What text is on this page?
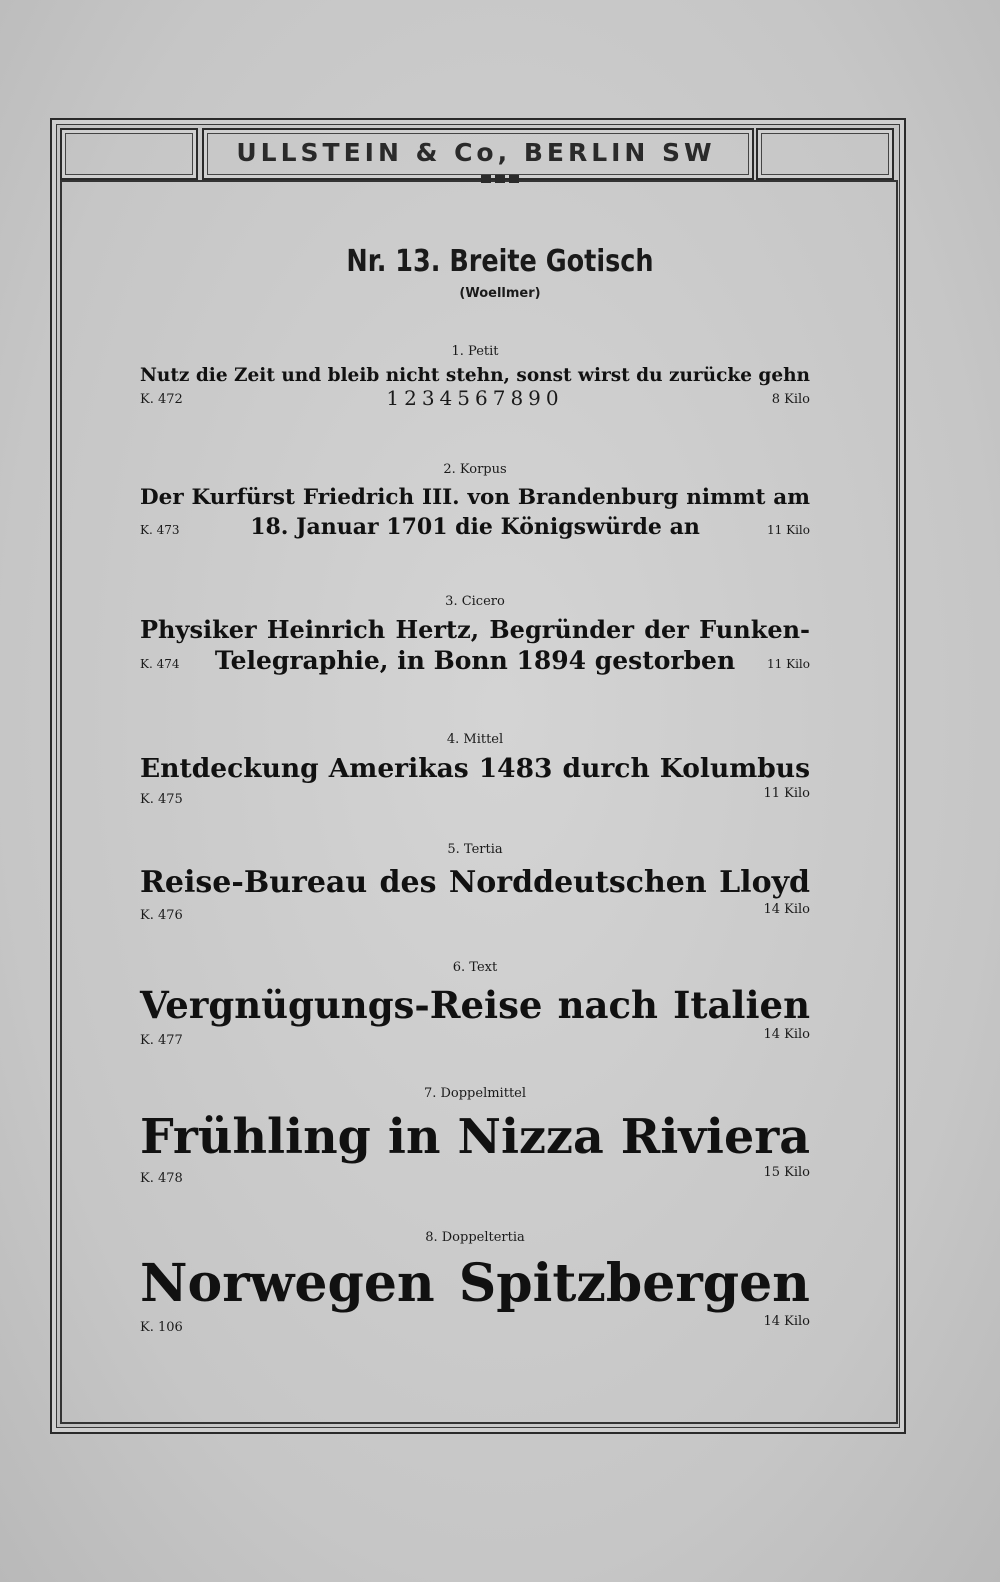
ULLSTEIN & Co, BERLIN SW
Nr. 13. Breite Gotisch
(Woellmer)
1. Petit
Nutz die Zeit und bleib nicht stehn, sonst wirst du zurücke gehn
K. 472	1234567890	8 Kilo
2. Korpus
Der Kurfürst Friedrich III. von Brandenburg nimmt am
K. 473	18. Januar 1701 die Königswürde an	11 Kilo
3. Cicero
Physiker Heinrich Hertz, Begründer der Funken-
K. 474	Telegraphie, in Bonn 1894 gestorben	11 Kilo
4. Mittel
Entdeckung Amerikas 1483 durch Kolumbus
K. 475	11 Kilo
5. Tertia
Reise-Bureau des Norddeutschen Lloyd
K. 476	14 Kilo
6. Text
Vergnügungs-Reise nach Italien
K. 477	14 Kilo
7. Doppelmittel
Frühling in Nizza Riviera
K. 478	15 Kilo
8. Doppeltertia
Norwegen Spitzbergen
K. 106	14 Kilo
